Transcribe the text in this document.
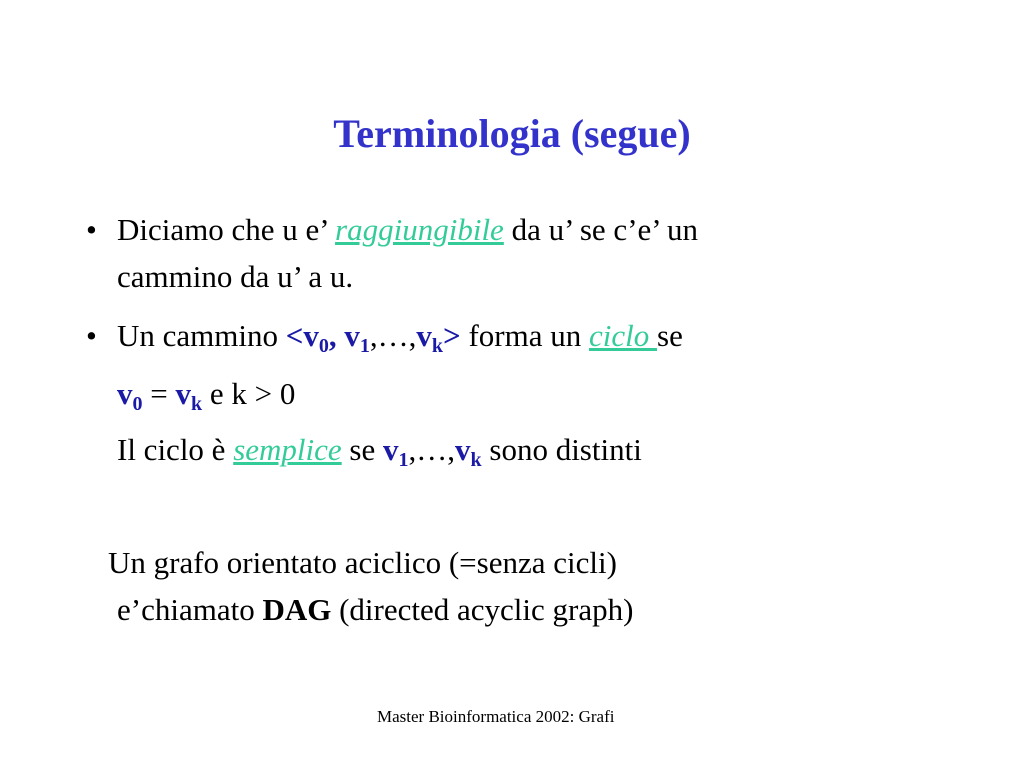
Terminologia (segue)
• Diciamo che u e’ raggiungibile da u’ se c’e’ un
cammino da u’ a u.
• Un $cammino <v_0$, $v_1,\dots,v_k>$ forma un ciclo se
$v_0 = v_k$ e k > 0
Il ciclo è semplice se $v_1,\dots,v_k$ sono distinti
Un grafo orientato aciclico (=senza cicli)
e’chiamato DAG (directed acyclic graph)
Master Bioinformatica 2002: Grafi
